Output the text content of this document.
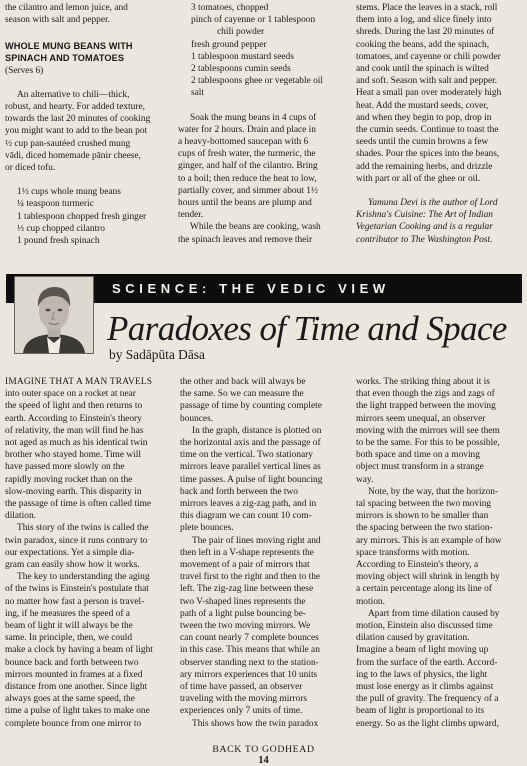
the cilantro and lemon juice, and

season with salt and pepper.

WHOLE MUNG BEANS WITH

SPINACH AND TOMATOES

(Serves 6)

An alternative to chili—thick,

robust, and hearty. For added texture,

towards the last 20 minutes of cooking

you might want to add to the bean pot

½ cup pan-sautéed crushed mung

vādi, diced homemade pānir cheese,

or diced tofu.

1½ cups whole mung beans

¼ teaspoon turmeric

1 tablespoon chopped fresh ginger

½ cup chopped cilantro

1 pound fresh spinach

3 tomatoes, chopped

pinch of cayenne or 1 tablespoon

chili powder

fresh ground pepper

1 tablespoon mustard seeds

2 tablespoons cumin seeds

2 tablespoons ghee or vegetable oil

salt

Soak the mung beans in 4 cups of

water for 2 hours. Drain and place in

a heavy-bottomed saucepan with 6

cups of fresh water, the turmeric, the

ginger, and half of the cilantro. Bring

to a boil; then reduce the heat to low,

partially cover, and simmer about 1½

hours until the beans are plump and

tender.

While the beans are cooking, wash

the spinach leaves and remove their

stems. Place the leaves in a stack, roll

them into a log, and slice finely into

shreds. During the last 20 minutes of

cooking the beans, add the spinach,

tomatoes, and cayenne or chili powder

and cook until the spinach is wilted

and soft. Season with salt and pepper.

Heat a small pan over moderately high

heat. Add the mustard seeds, cover,

and when they begin to pop, drop in

the cumin seeds. Continue to toast the

seeds until the cumin browns a few

shades. Pour the spices into the beans,

add the remaining herbs, and drizzle

with part or all of the ghee or oil.

Yamuna Devi is the author of Lord

Krishna's Cuisine: The Art of Indian

Vegetarian Cooking and is a regular

contributor to The Washington Post.

SCIENCE: THE VEDIC VIEW
Paradoxes of Time and Space
by Sadāpūta Dāsa

IMAGINE THAT A MAN TRAVELS

into outer space on a rocket at near

the speed of light and then returns to

earth. According to Einstein's theory

of relativity, the man will find he has

not aged as much as his identical twin

brother who stayed home. Time will

have passed more slowly on the

rapidly moving rocket than on the

slow-moving earth. This disparity in

the passage of time is often called time

dilation.

This story of the twins is called the

twin paradox, since it runs contrary to

our expectations. Yet a simple dia-

gram can easily show how it works.

The key to understanding the aging

of the twins is Einstein's postulate that

no matter how fast a person is travel-

ing, if he measures the speed of a

beam of light it will always be the

same. In principle, then, we could

make a clock by having a beam of light

bounce back and forth between two

mirrors mounted in frames at a fixed

distance from one another. Since light

always goes at the same speed, the

time a pulse of light takes to make one

complete bounce from one mirror to

the other and back will always be

the same. So we can measure the

passage of time by counting complete

bounces.

In the graph, distance is plotted on

the horizontal axis and the passage of

time on the vertical. Two stationary

mirrors leave parallel vertical lines as

time passes. A pulse of light bouncing

back and forth between the two

mirrors leaves a zig-zag path, and in

this diagram we can count 10 com-

plete bounces.

The pair of lines moving right and

then left in a V-shape represents the

movement of a pair of mirrors that

travel first to the right and then to the

left. The zig-zag line between these

two V-shaped lines represents the

path of a light pulse bouncing be-

tween the two moving mirrors. We

can count nearly 7 complete bounces

in this case. This means that while an

observer standing next to the station-

ary mirrors experiences that 10 units

of time have passed, an observer

traveling with the moving mirrors

experiences only 7 units of time.

This shows how the twin paradox

works. The striking thing about it is

that even though the zigs and zags of

the light trapped between the moving

mirrors seem unequal, an observer

moving with the mirrors will see them

to be the same. For this to be possible,

both space and time on a moving

object must transform in a strange

way.

Note, by the way, that the horizon-

tal spacing between the two moving

mirrors is shown to be smaller than

the spacing between the two station-

ary mirrors. This is an example of how

space transforms with motion.

According to Einstein's theory, a

moving object will shrink in length by

a certain percentage along its line of

motion.

Apart from time dilation caused by

motion, Einstein also discussed time

dilation caused by gravitation.

Imagine a beam of light moving up

from the surface of the earth. Accord-

ing to the laws of physics, the light

must lose energy as it climbs against

the pull of gravity. The frequency of a

beam of light is proportional to its

energy. So as the light climbs upward,

BACK TO GODHEAD
14
